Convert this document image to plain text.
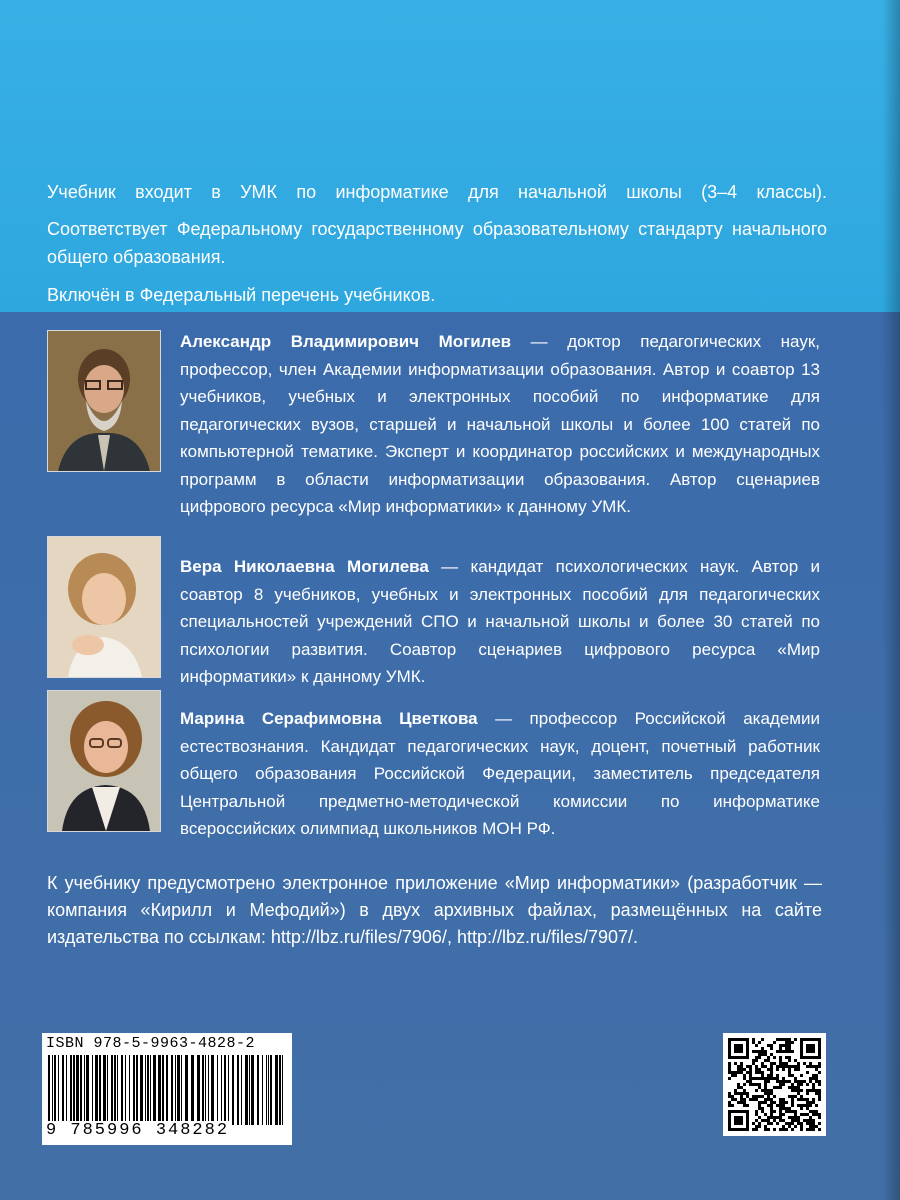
Учебник входит в УМК по информатике для начальной школы (3–4 классы).

Соответствует Федеральному государственному образовательному стандарту начального общего образования.

Включён в Федеральный перечень учебников.

Александр Владимирович Могилев — доктор педагогических наук, профессор, член Академии информатизации образования. Автор и соавтор 13 учебников, учебных и электронных пособий по информатике для педагогических вузов, старшей и начальной школы и более 100 статей по компьютерной тематике. Эксперт и координатор российских и международных программ в области информатизации образования. Автор сценариев цифрового ресурса «Мир информатики» к данному УМК.

Вера Николаевна Могилева — кандидат психологических наук. Автор и соавтор 8 учебников, учебных и электронных пособий для педагогических специальностей учреждений СПО и начальной школы и более 30 статей по психологии развития. Соавтор сценариев цифрового ресурса «Мир информатики» к данному УМК.

Марина Серафимовна Цветкова — профессор Российской академии естествознания. Кандидат педагогических наук, доцент, почетный работник общего образования Российской Федерации, заместитель председателя Центральной предметно-методической комиссии по информатике всероссийских олимпиад школьников МОН РФ.

К учебнику предусмотрено электронное приложение «Мир информатики» (разработчик — компания «Кирилл и Мефодий») в двух архивных файлах, размещённых на сайте издательства по ссылкам: http://lbz.ru/files/7906/, http://lbz.ru/files/7907/.

ISBN 978-5-9963-4828-2
9 785996 348282
